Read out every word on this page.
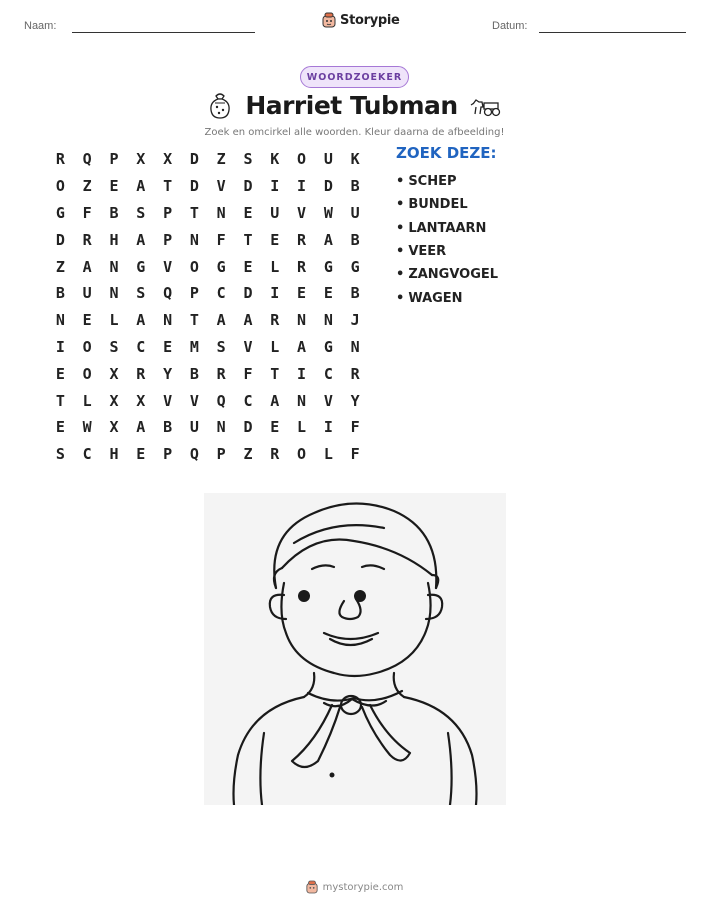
Naam:	Storypie	Datum:
WOORDZOEKER
Harriet Tubman
Zoek en omcirkel alle woorden. Kleur daarna de afbeelding!
R	Q	P	X	X	D	Z	S	K	O	U	K
O	Z	E	A	T	D	V	D	I	I	D	B
G	F	B	S	P	T	N	E	U	V	W	U
D	R	H	A	P	N	F	T	E	R	A	B
Z	A	N	G	V	O	G	E	L	R	G	G
B	U	N	S	Q	P	C	D	I	E	E	B
N	E	L	A	N	T	A	A	R	N	N	J
I	O	S	C	E	M	S	V	L	A	G	N
E	O	X	R	Y	B	R	F	T	I	C	R
T	L	X	X	V	V	Q	C	A	N	V	Y
E	W	X	A	B	U	N	D	E	L	I	F
S	C	H	E	P	Q	P	Z	R	O	L	F
ZOEK DEZE:
• SCHEP
• BUNDEL
• LANTAARN
• VEER
• ZANGVOGEL
• WAGEN
mystorypie.com
